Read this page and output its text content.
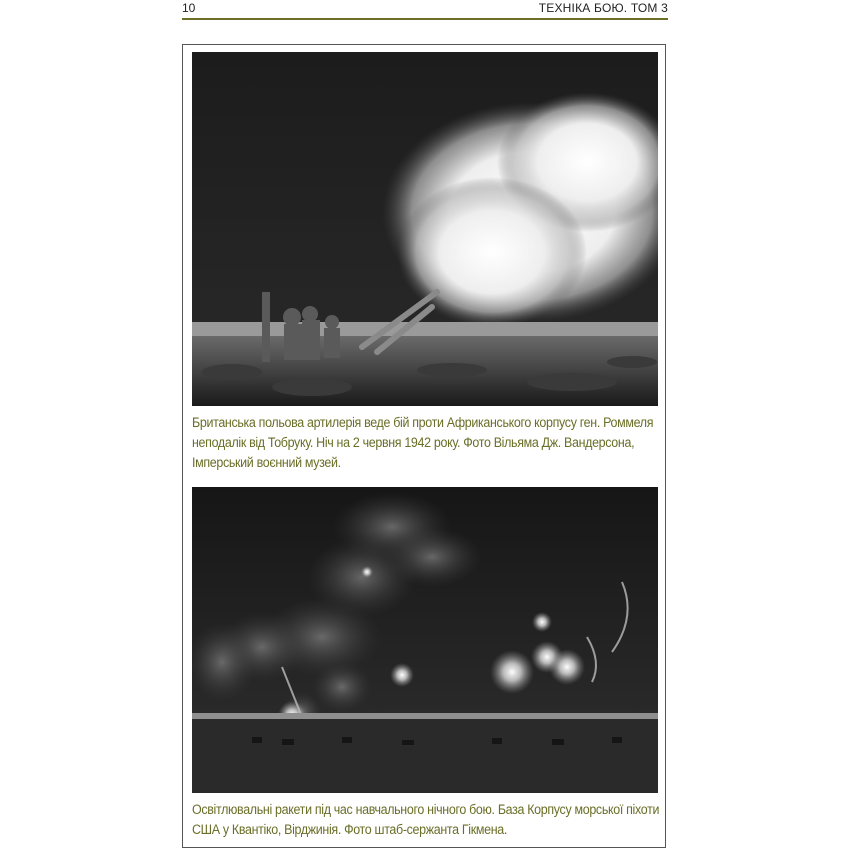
10	ТЕХНІКА БОЮ. ТОМ 3
Британська польова артилерія веде бій проти Африканського корпусу ген. Роммеля
неподалік від Тобруку. Ніч на 2 червня 1942 року. Фото Вільяма Дж. Вандерсона,
Імперський воєнний музей.
Освітлювальні ракети під час навчального нічного бою. База Корпусу морської піхоти
США у Квантіко, Вірджинія. Фото штаб-сержанта Гікмена.
